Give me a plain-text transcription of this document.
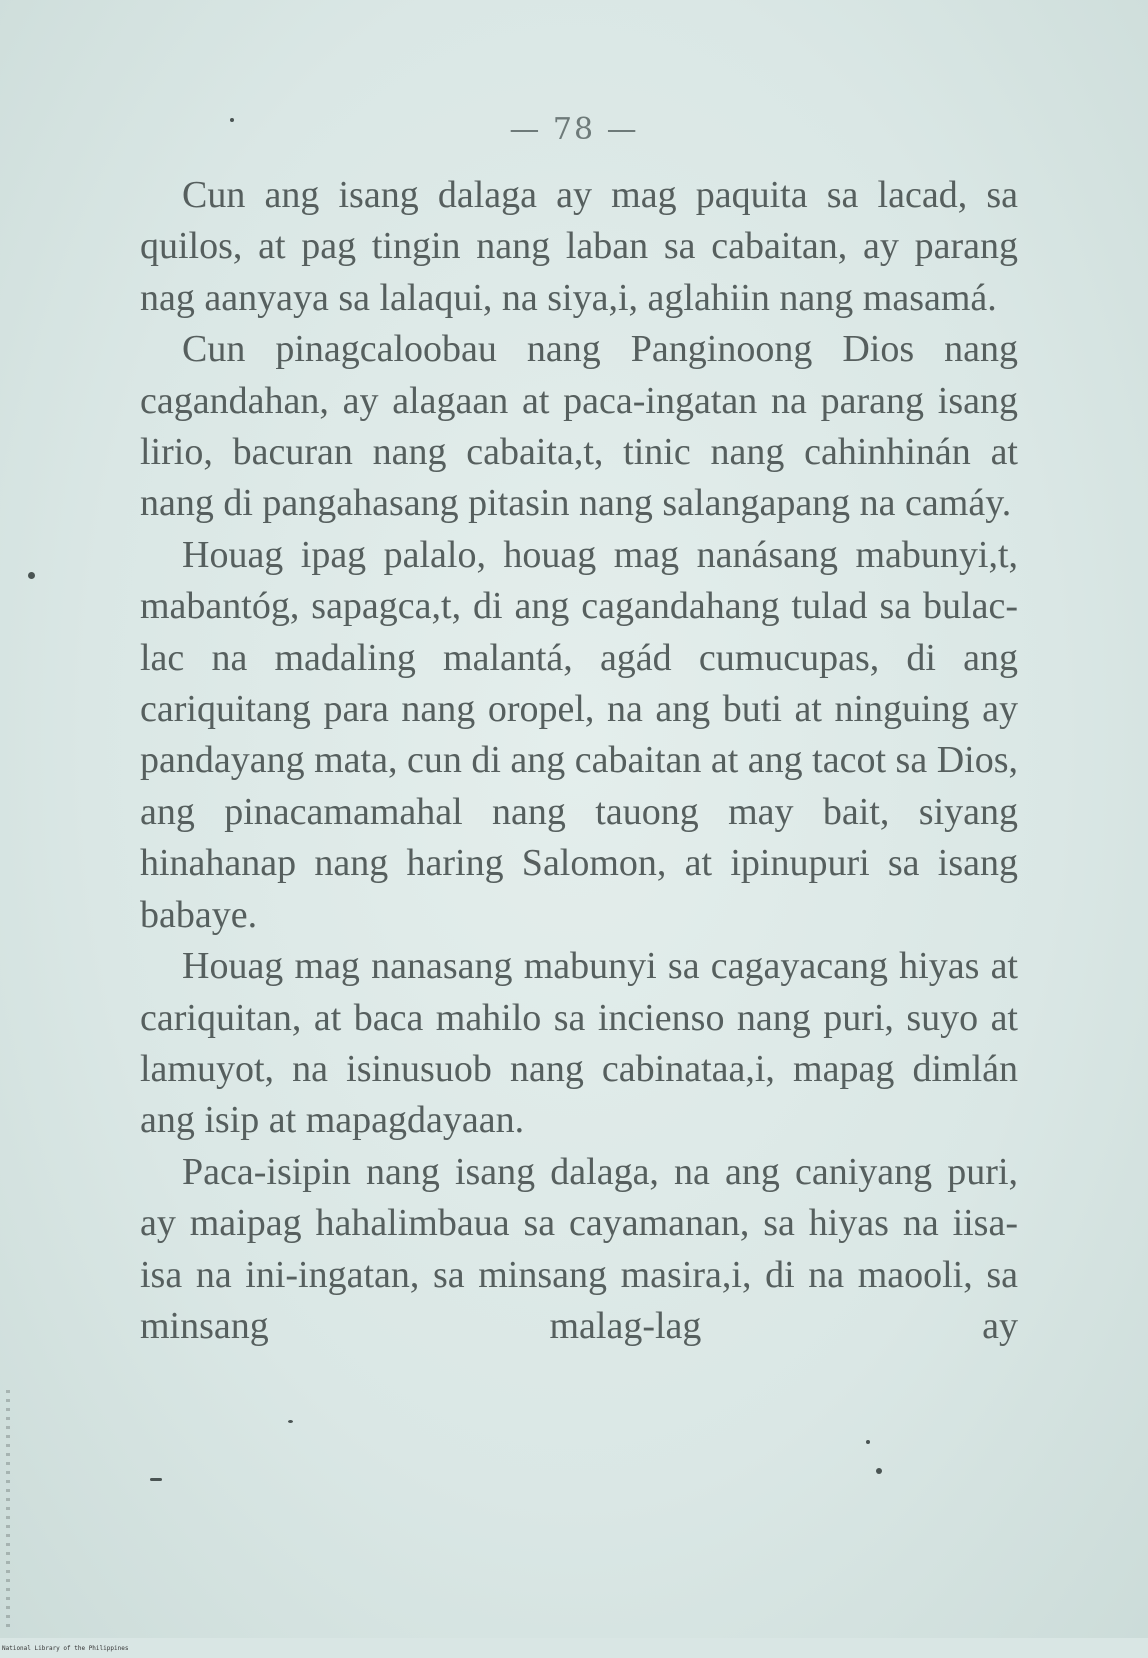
— 78 —

Cun ang isang dalaga ay mag paquita sa lacad, sa quilos, at pag tingin nang laban sa cabaitan, ay parang nag aanyaya sa lalaqui, na siya,i, aglahiin nang masamá.

Cun pinagcaloobau nang Panginoong Dios nang cagandahan, ay alagaan at paca-ingatan na parang isang lirio, bacuran nang cabaita,t, tinic nang cahinhinán at nang di pangahasang pitasin nang salangapang na camáy.

Houag ipag palalo, houag mag nanásang mabunyi,t, mabantóg, sapagca,t, di ang cagandahang tulad sa bulac-lac na madaling malantá, agád cumucupas, di ang cariquitang para nang oropel, na ang buti at ninguing ay pandayang mata, cun di ang cabaitan at ang tacot sa Dios, ang pinacamamahal nang tauong may bait, siyang hinahanap nang haring Salomon, at ipinupuri sa isang babaye.

Houag mag nanasang mabunyi sa cagayacang hiyas at cariquitan, at baca mahilo sa incienso nang puri, suyo at lamuyot, na isinusuob nang cabinataa,i, mapag dimlán ang isip at mapagdayaan.

Paca-isipin nang isang dalaga, na ang caniyang puri, ay maipag hahalimbaua sa cayamanan, sa hiyas na iisa-isa na ini-ingatan, sa minsang masira,i, di na maooli, sa minsang malag-lag ay

National Library of the Philippines
